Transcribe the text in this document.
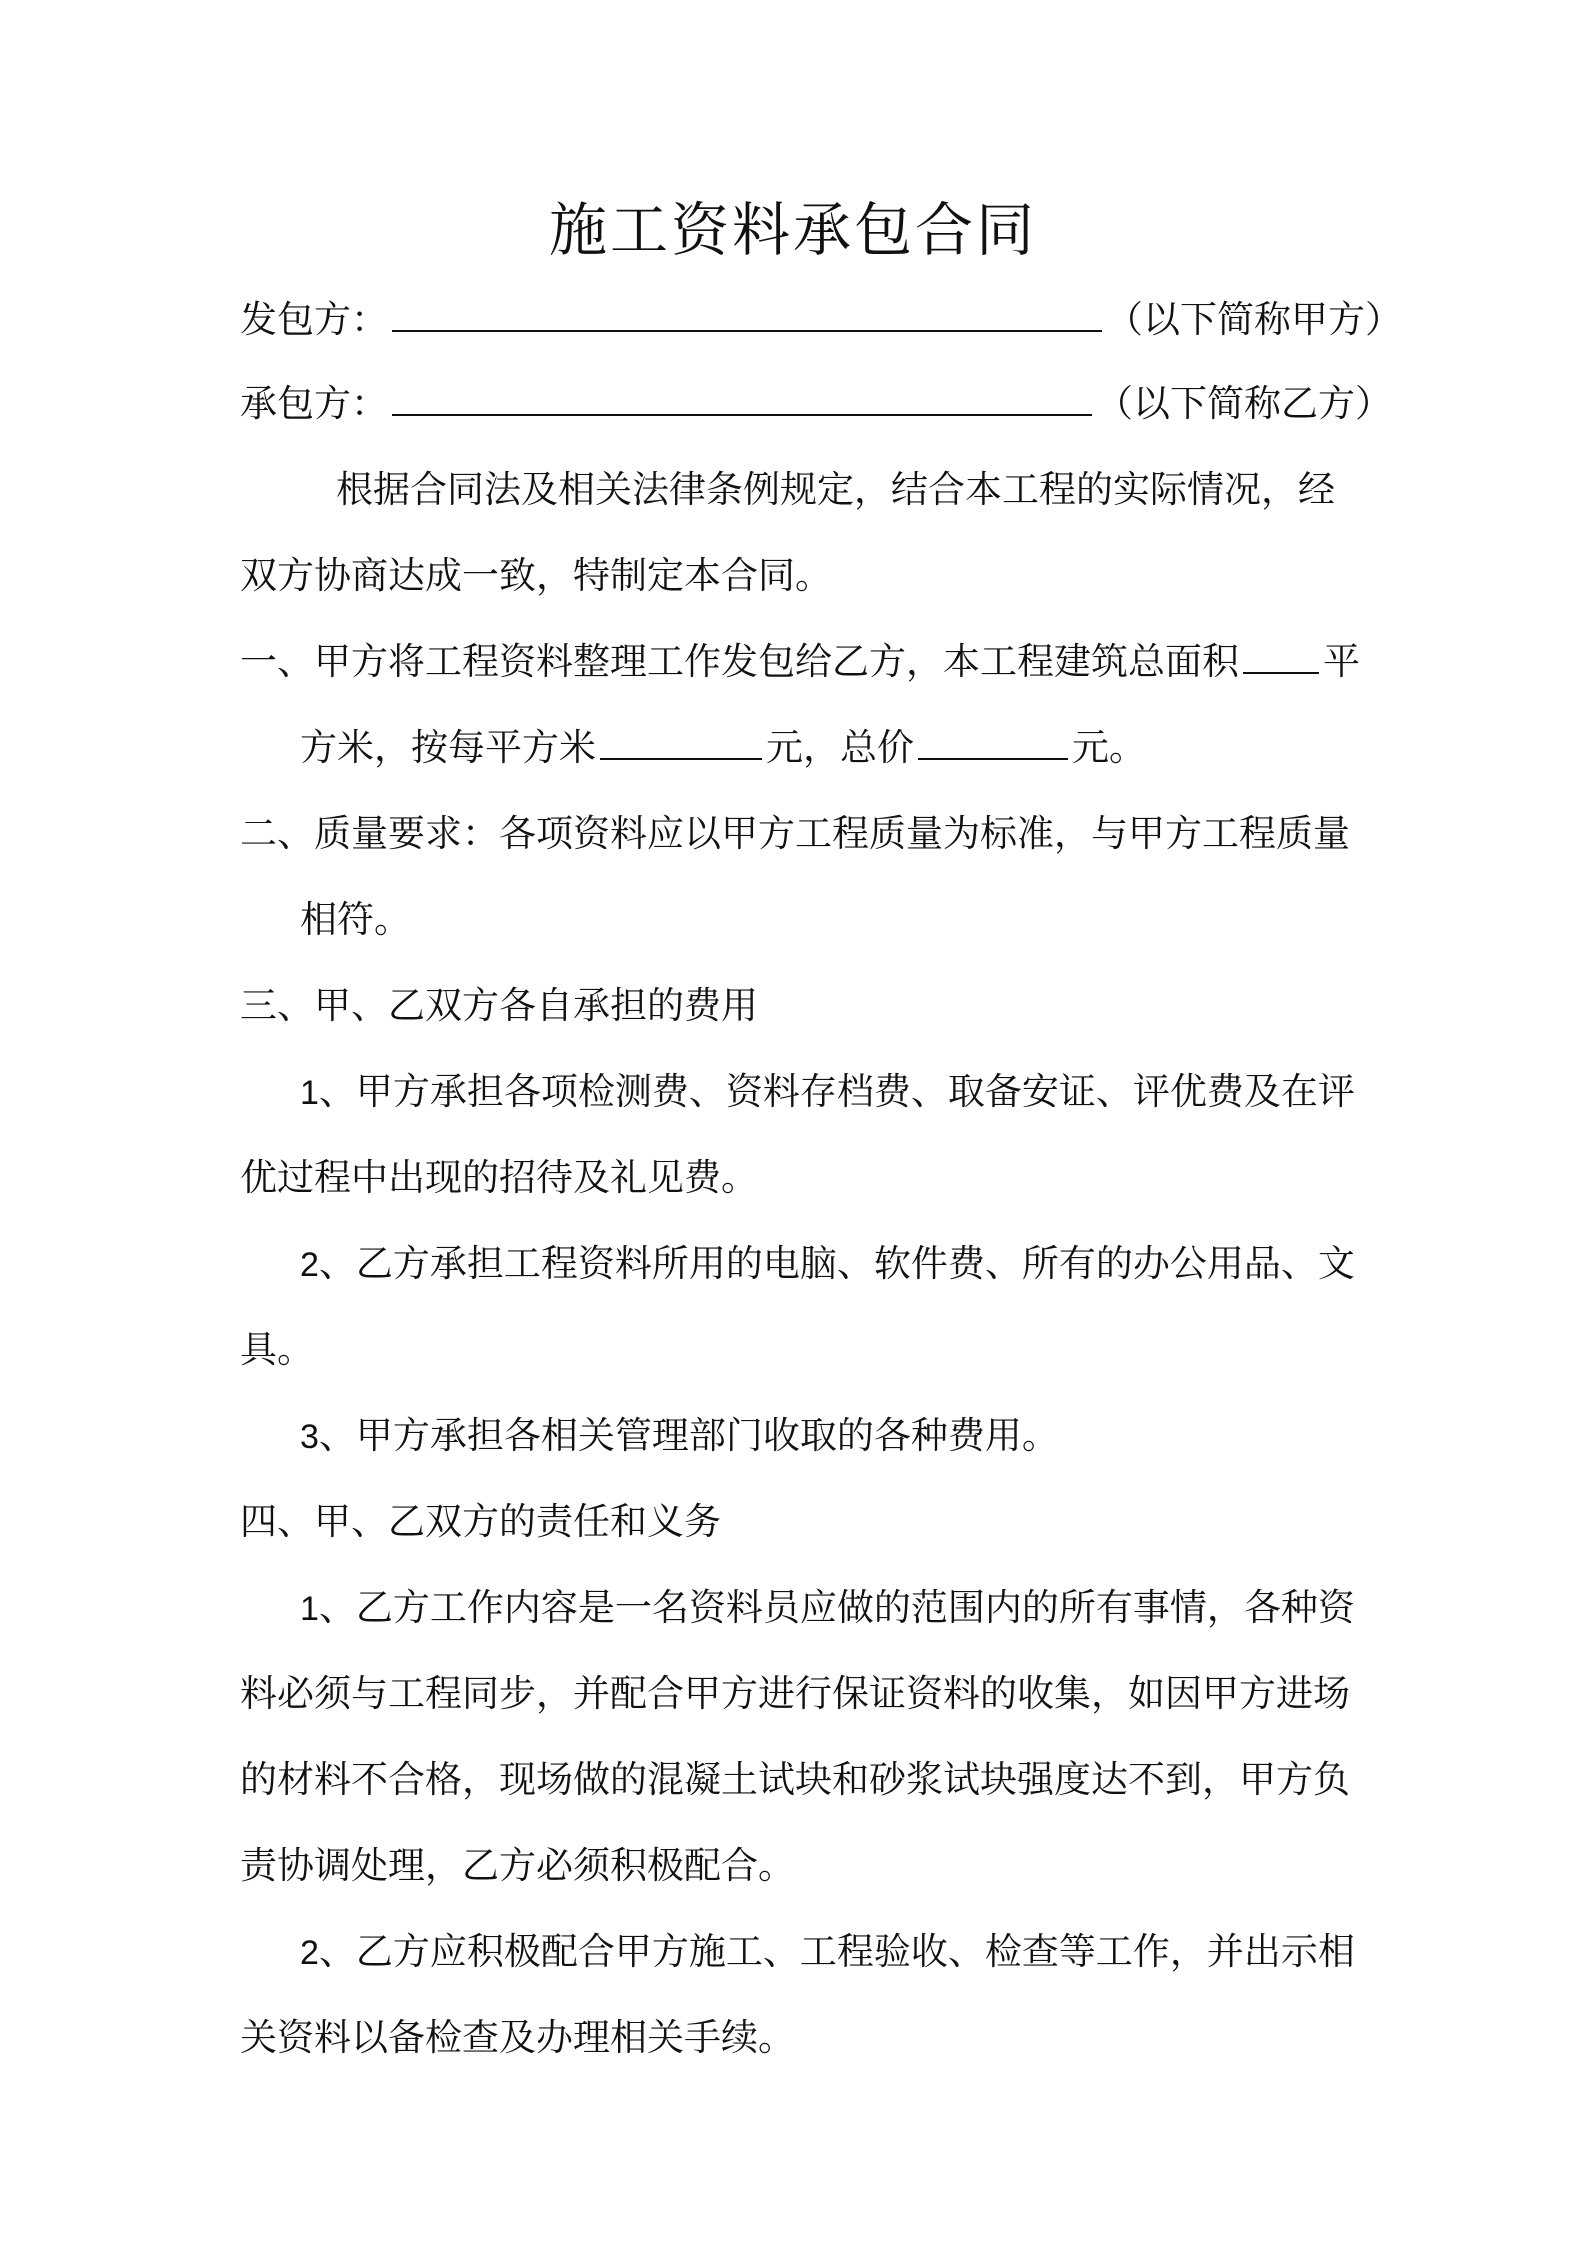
施工资料承包合同
发包方：	（以下简称甲方）
承包方：	（以下简称乙方）
根据合同法及相关法律条例规定，结合本工程的实际情况，经
双方协商达成一致，特制定本合同。
一、甲方将工程资料整理工作发包给乙方，本工程建筑总面积 平
方米，按每平方米	元，总价	元。
二、质量要求：各项资料应以甲方工程质量为标准，与甲方工程质量
相符。
三、甲、乙双方各自承担的费用
1、甲方承担各项检测费、资料存档费、取备安证、评优费及在评
优过程中出现的招待及礼见费。
2、乙方承担工程资料所用的电脑、软件费、所有的办公用品、文
具。
3、甲方承担各相关管理部门收取的各种费用。
四、甲、乙双方的责任和义务
1、乙方工作内容是一名资料员应做的范围内的所有事情，各种资
料必须与工程同步，并配合甲方进行保证资料的收集，如因甲方进场
的材料不合格，现场做的混凝土试块和砂浆试块强度达不到，甲方负
责协调处理，乙方必须积极配合。
2、乙方应积极配合甲方施工、工程验收、检查等工作，并出示相
关资料以备检查及办理相关手续。
